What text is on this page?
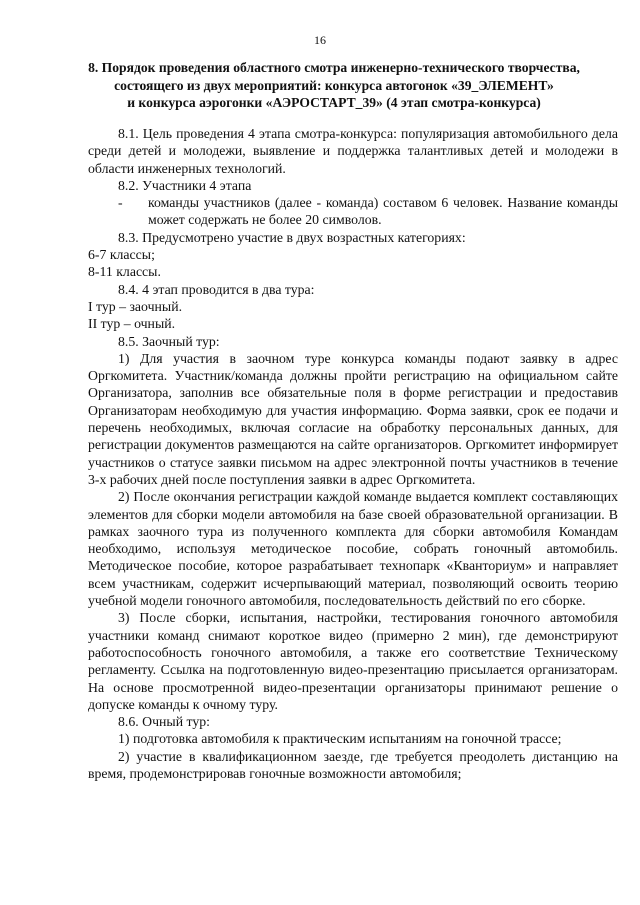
16
8. Порядок проведения областного смотра инженерно-технического творчества,
состоящего из двух мероприятий: конкурса автогонок «39_ЭЛЕМЕНТ»
и конкурса аэрогонки «АЭРОСТАРТ_39» (4 этап смотра-конкурса)

8.1. Цель проведения 4 этапа смотра-конкурса: популяризация автомобильного дела среди детей и молодежи, выявление и поддержка талантливых детей и молодежи в области инженерных технологий.

8.2. Участники 4 этапа

-	команды участников (далее - команда) составом 6 человек. Название команды может содержать не более 20 символов.

8.3. Предусмотрено участие в двух возрастных категориях:

6-7 классы;

8-11 классы.

8.4. 4 этап проводится в два тура:

I тур – заочный.

II тур – очный.

8.5. Заочный тур:

1) Для участия в заочном туре конкурса команды подают заявку в адрес Оргкомитета. Участник/команда должны пройти регистрацию на официальном сайте Организатора, заполнив все обязательные поля в форме регистрации и предоставив Организаторам необходимую для участия информацию. Форма заявки, срок ее подачи и перечень необходимых, включая согласие на обработку персональных данных, для регистрации документов размещаются на сайте организаторов. Оргкомитет информирует участников о статусе заявки письмом на адрес электронной почты участников в течение 3-х рабочих дней после поступления заявки в адрес Оргкомитета.

2) После окончания регистрации каждой команде выдается комплект составляющих элементов для сборки модели автомобиля на базе своей образовательной организации. В рамках заочного тура из полученного комплекта для сборки автомобиля Командам необходимо, используя методическое пособие, собрать гоночный автомобиль. Методическое пособие, которое разрабатывает технопарк «Кванториум» и направляет всем участникам, содержит исчерпывающий материал, позволяющий освоить теорию учебной модели гоночного автомобиля, последовательность действий по его сборке.

3) После сборки, испытания, настройки, тестирования гоночного автомобиля участники команд снимают короткое видео (примерно 2 мин), где демонстрируют работоспособность гоночного автомобиля, а также его соответствие Техническому регламенту. Ссылка на подготовленную видео-презентацию присылается организаторам. На основе просмотренной видео-презентации организаторы принимают решение о допуске команды к очному туру.

8.6. Очный тур:

1) подготовка автомобиля к практическим испытаниям на гоночной трассе;

2) участие в квалификационном заезде, где требуется преодолеть дистанцию на время, продемонстрировав гоночные возможности автомобиля;
